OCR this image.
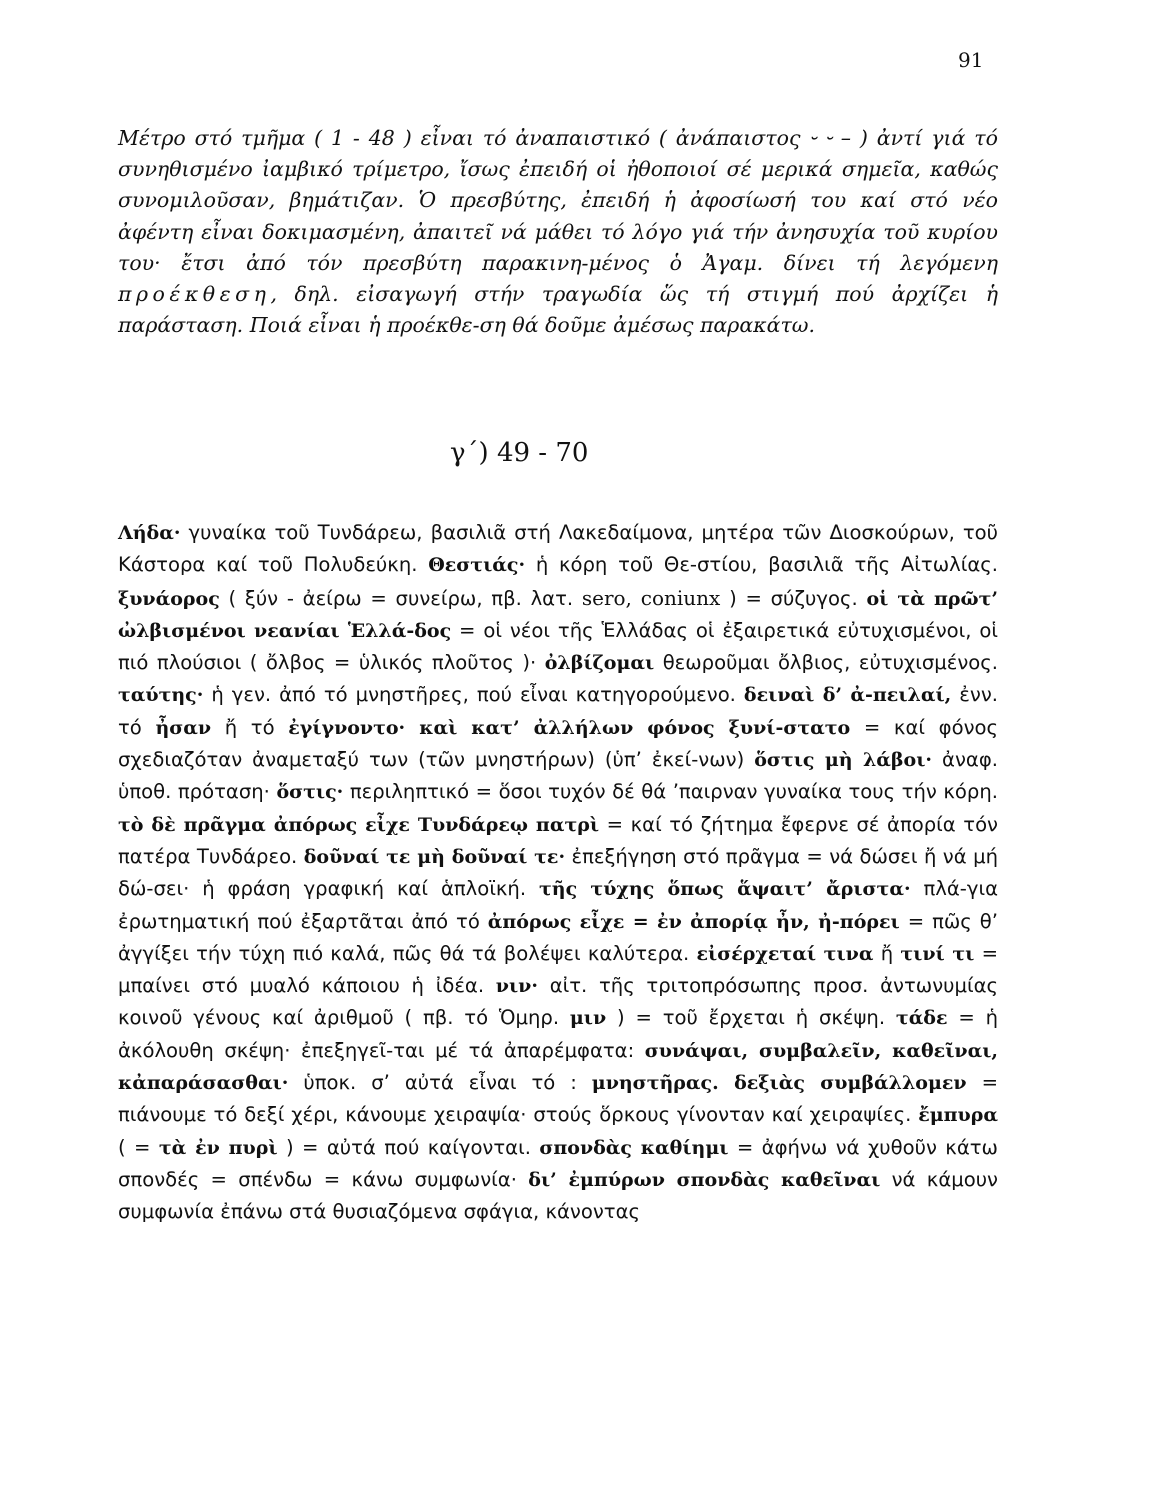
91
Μέτρο στό τμῆμα ( 1 - 48 ) εἶναι τό ἀναπαιστικό ( ἀνάπαιστος ⏑ ⏑ – ) ἀντί γιά τό συνηθισμένο ἰαμβικό τρίμετρο, ἴσως ἐπειδή οἱ ἠθοποιοί σέ μερικά σημεῖα, καθώς συνομιλοῦσαν, βημάτιζαν. Ὁ πρεσβύτης, ἐπειδή ἡ ἀφοσίωσή του καί στό νέο ἀφέντη εἶναι δοκιμασμένη, ἀπαιτεῖ νά μάθει τό λόγο γιά τήν ἀνησυχία τοῦ κυρίου του· ἔτσι ἀπό τόν πρεσβύτη παρακινη-μένος ὁ Ἀγαμ. δίνει τή λεγόμενη προέκθεση, δηλ. εἰσαγωγή στήν τραγωδία ὥς τή στιγμή πού ἀρχίζει ἡ παράσταση. Ποιά εἶναι ἡ προέκθε-ση θά δοῦμε ἀμέσως παρακάτω.
γ΄) 49 - 70
Λήδα· γυναίκα τοῦ Τυνδάρεω, βασιλιᾶ στή Λακεδαίμονα, μητέρα τῶν Διοσκούρων, τοῦ Κάστορα καί τοῦ Πολυδεύκη. Θεστιάς· ἡ κόρη τοῦ Θε-στίου, βασιλιᾶ τῆς Αἰτωλίας. ξυνάορος ( ξύν - ἀείρω = συνείρω, πβ. λατ. sero, coniunx ) = σύζυγος. οἱ τὰ πρῶτ’ ὠλβισμένοι νεανίαι Ἑλλά-δος = οἱ νέοι τῆς Ἑλλάδας οἱ ἐξαιρετικά εὐτυχισμένοι, οἱ πιό πλούσιοι ( ὄλβος = ὑλικός πλοῦτος )· ὀλβίζομαι θεωροῦμαι ὄλβιος, εὐτυχισμένος. ταύτης· ἡ γεν. ἀπό τό μνηστῆρες, πού εἶναι κατηγορούμενο. δειναὶ δ’ ἀ-πειλαί, ἐνν. τό ἦσαν ἤ τό ἐγίγνοντο· καὶ κατ’ ἀλλήλων φόνος ξυνί-στατο = καί φόνος σχεδιαζόταν ἀναμεταξύ των (τῶν μνηστήρων) (ὑπ’ ἐκεί-νων) ὅστις μὴ λάβοι· ἀναφ. ὑποθ. πρόταση· ὅστις· περιληπτικό = ὅσοι τυχόν δέ θά ’παιρναν γυναίκα τους τήν κόρη. τὸ δὲ πρᾶγμα ἀπόρως εἶχε Τυνδάρεῳ πατρὶ = καί τό ζήτημα ἔφερνε σέ ἀπορία τόν πατέρα Τυνδάρεο. δοῦναί τε μὴ δοῦναί τε· ἐπεξήγηση στό πρᾶγμα = νά δώσει ἤ νά μή δώ-σει· ἡ φράση γραφική καί ἁπλοϊκή. τῆς τύχης ὅπως ἅψαιτ’ ἄριστα· πλά-για ἐρωτηματική πού ἐξαρτᾶται ἀπό τό ἀπόρως εἶχε = ἐν ἀπορίᾳ ἦν, ἠ-πόρει = πῶς θ’ ἀγγίξει τήν τύχη πιό καλά, πῶς θά τά βολέψει καλύτερα. εἰσέρχεταί τινα ἤ τινί τι = μπαίνει στό μυαλό κάποιου ἡ ἰδέα. νιν· αἰτ. τῆς τριτοπρόσωπης προσ. ἀντωνυμίας κοινοῦ γένους καί ἀριθμοῦ ( πβ. τό Ὁμηρ. μιν ) = τοῦ ἔρχεται ἡ σκέψη. τάδε = ἡ ἀκόλουθη σκέψη· ἐπεξηγεῖ-ται μέ τά ἀπαρέμφατα: συνάψαι, συμβαλεῖν, καθεῖναι, κἀπαράσασθαι· ὑποκ. σ’ αὐτά εἶναι τό : μνηστῆρας. δεξιὰς συμβάλλομεν = πιάνουμε τό δεξί χέρι, κάνουμε χειραψία· στούς ὅρκους γίνονταν καί χειραψίες. ἔμπυρα ( = τὰ ἐν πυρὶ ) = αὐτά πού καίγονται. σπονδὰς καθίημι = ἀφήνω νά χυθοῦν κάτω σπονδές = σπένδω = κάνω συμφωνία· δι’ ἐμπύρων σπονδὰς καθεῖναι νά κάμουν συμφωνία ἐπάνω στά θυσιαζόμενα σφάγια, κάνοντας
